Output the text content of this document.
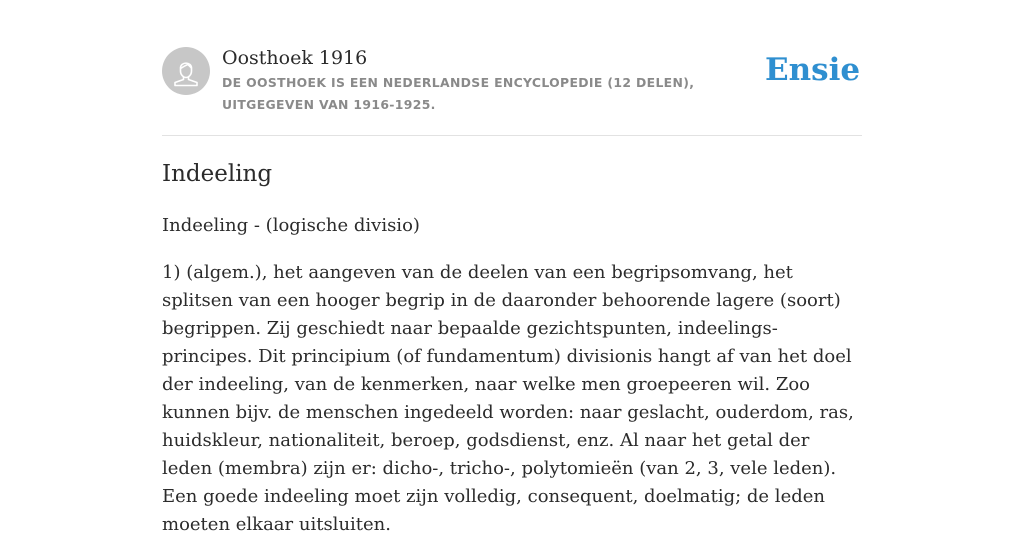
Oosthoek 1916

DE OOSTHOEK IS EEN NEDERLANDSE ENCYCLOPEDIE (12 DELEN), UITGEGEVEN VAN 1916-1925.

Ensie
Indeeling

Indeeling - (logische divisio)

1) (algem.), het aangeven van de deelen van een begripsomvang, het splitsen van een hooger begrip in de daaronder behoorende lagere (soort) begrippen. Zij geschiedt naar bepaalde gezichtspunten, indeelings-principes. Dit principium (of fundamentum) divisionis hangt af van het doel der indeeling, van de kenmerken, naar welke men groepeeren wil. Zoo kunnen bijv. de menschen ingedeeld worden: naar geslacht, ouderdom, ras, huidskleur, nationaliteit, beroep, godsdienst, enz. Al naar het getal der leden (membra) zijn er: dicho-, tricho-, polytomieën (van 2, 3, vele leden). Een goede indeeling moet zijn volledig, consequent, doelmatig; de leden moeten elkaar uitsluiten.
